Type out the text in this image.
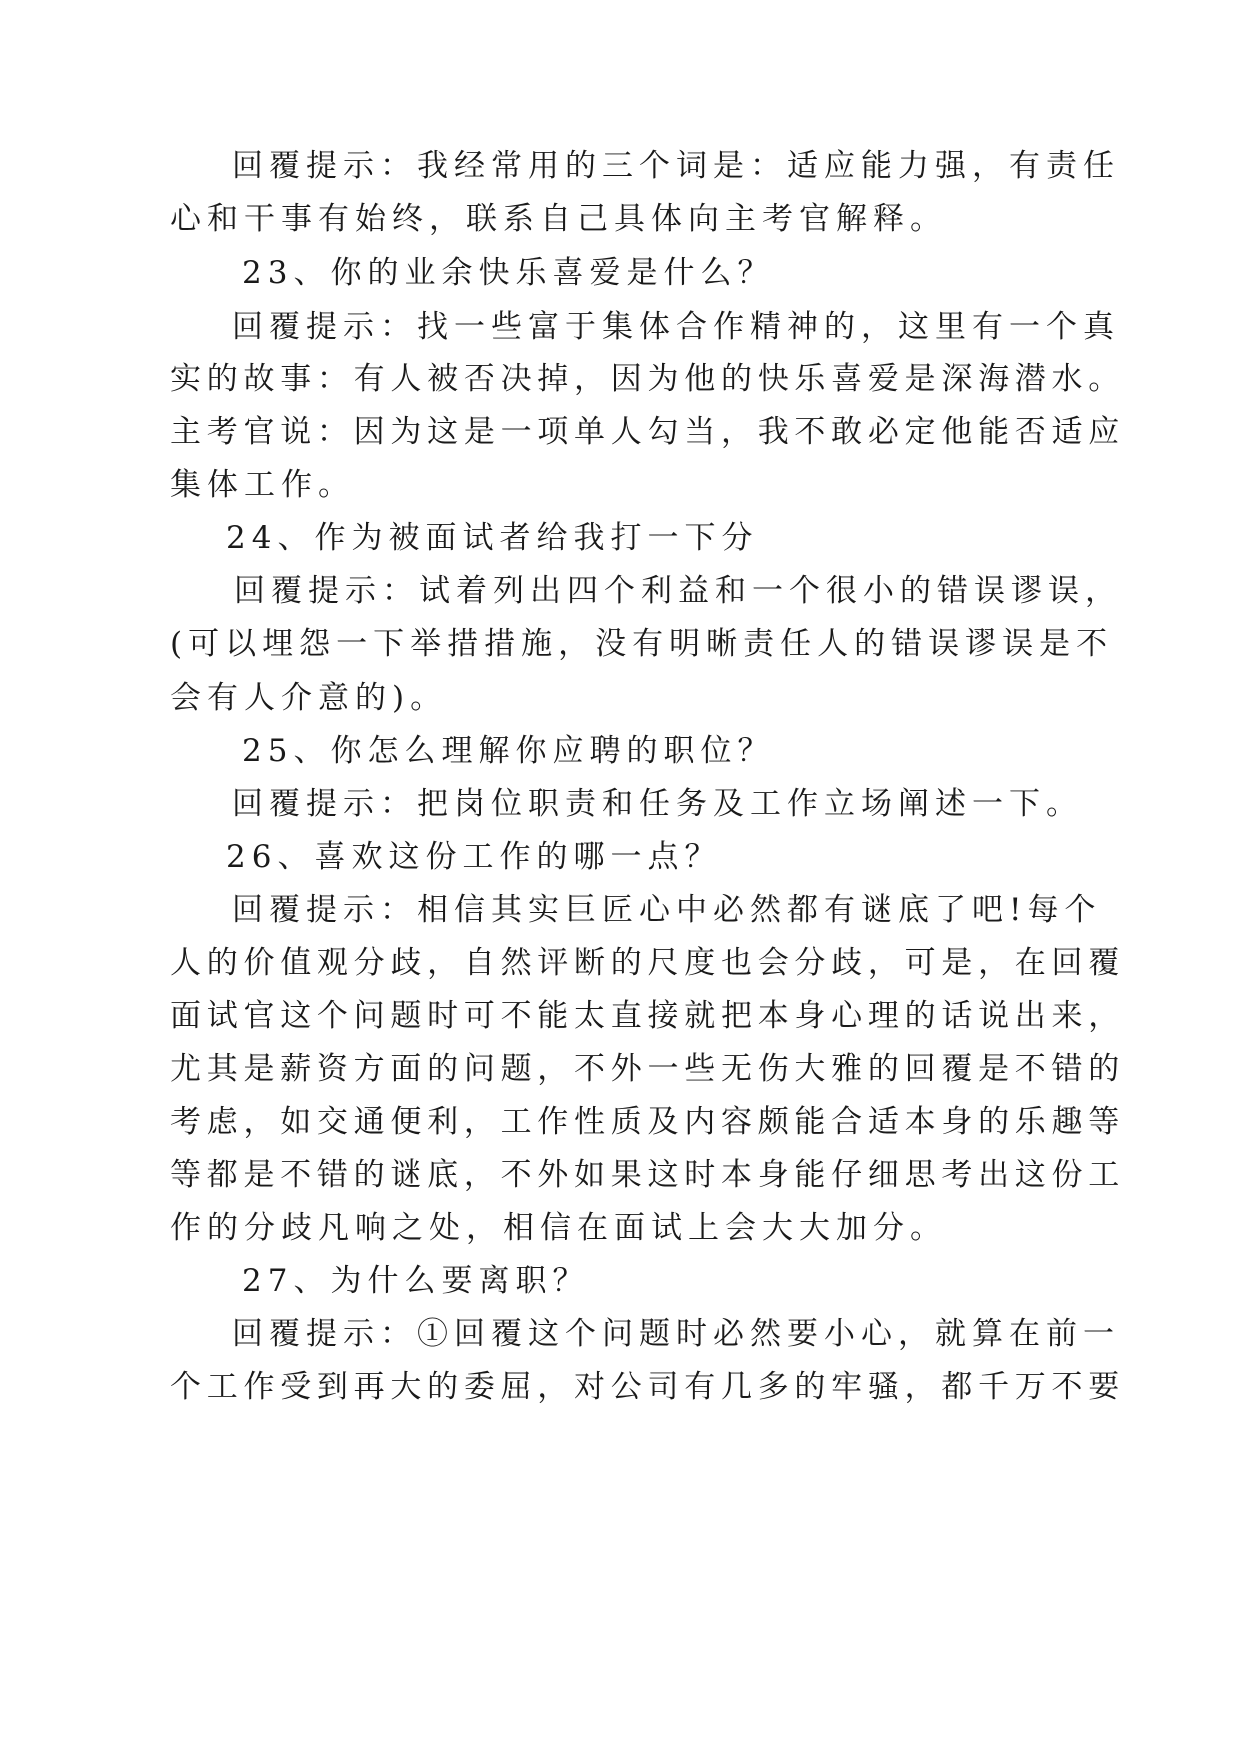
回覆提示：我经常用的三个词是：适应能力强，有责任
心和干事有始终，联系自己具体向主考官解释。
23、你的业余快乐喜爱是什么？
回覆提示：找一些富于集体合作精神的，这里有一个真
实的故事：有人被否决掉，因为他的快乐喜爱是深海潜水。
主考官说：因为这是一项单人勾当，我不敢必定他能否适应
集体工作。
24、作为被面试者给我打一下分
回覆提示：试着列出四个利益和一个很小的错误谬误，
(可以埋怨一下举措措施，没有明晰责任人的错误谬误是不
会有人介意的)。
25、你怎么理解你应聘的职位？
回覆提示：把岗位职责和任务及工作立场阐述一下。
26、喜欢这份工作的哪一点？
回覆提示：相信其实巨匠心中必然都有谜底了吧!每个
人的价值观分歧，自然评断的尺度也会分歧，可是，在回覆
面试官这个问题时可不能太直接就把本身心理的话说出来，
尤其是薪资方面的问题，不外一些无伤大雅的回覆是不错的
考虑，如交通便利，工作性质及内容颇能合适本身的乐趣等
等都是不错的谜底，不外如果这时本身能仔细思考出这份工
作的分歧凡响之处，相信在面试上会大大加分。
27、为什么要离职？
回覆提示：①回覆这个问题时必然要小心，就算在前一
个工作受到再大的委屈，对公司有几多的牢骚，都千万不要
